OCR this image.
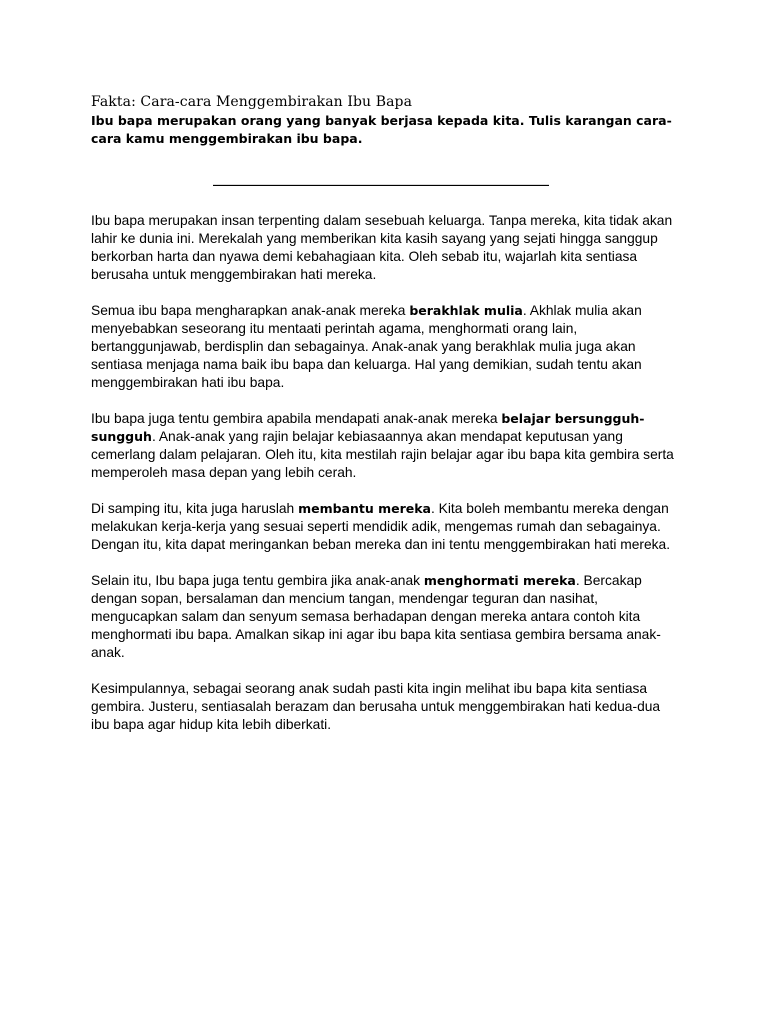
Fakta: Cara-cara Menggembirakan Ibu Bapa

Ibu bapa merupakan orang yang banyak berjasa kepada kita. Tulis karangan cara-cara kamu menggembirakan ibu bapa.

________________________________________________________

Ibu bapa merupakan insan terpenting dalam sesebuah keluarga. Tanpa mereka, kita tidak akan lahir ke dunia ini. Merekalah yang memberikan kita kasih sayang yang sejati hingga sanggup berkorban harta dan nyawa demi kebahagiaan kita. Oleh sebab itu, wajarlah kita sentiasa berusaha untuk menggembirakan hati mereka.

Semua ibu bapa mengharapkan anak-anak mereka berakhlak mulia. Akhlak mulia akan menyebabkan seseorang itu mentaati perintah agama, menghormati orang lain, bertanggunjawab, berdisplin dan sebagainya. Anak-anak yang berakhlak mulia juga akan sentiasa menjaga nama baik ibu bapa dan keluarga. Hal yang demikian, sudah tentu akan menggembirakan hati ibu bapa.

Ibu bapa juga tentu gembira apabila mendapati anak-anak mereka belajar bersungguh-sungguh. Anak-anak yang rajin belajar kebiasaannya akan mendapat keputusan yang cemerlang dalam pelajaran. Oleh itu, kita mestilah rajin belajar agar ibu bapa kita gembira serta memperoleh masa depan yang lebih cerah.

Di samping itu, kita juga haruslah membantu mereka. Kita boleh membantu mereka dengan melakukan kerja-kerja yang sesuai seperti mendidik adik, mengemas rumah dan sebagainya. Dengan itu, kita dapat meringankan beban mereka dan ini tentu menggembirakan hati mereka.

Selain itu, Ibu bapa juga tentu gembira jika anak-anak menghormati mereka. Bercakap dengan sopan, bersalaman dan mencium tangan, mendengar teguran dan nasihat, mengucapkan salam dan senyum semasa berhadapan dengan mereka antara contoh kita menghormati ibu bapa. Amalkan sikap ini agar ibu bapa kita sentiasa gembira bersama anak-anak.

Kesimpulannya, sebagai seorang anak sudah pasti kita ingin melihat ibu bapa kita sentiasa gembira. Justeru, sentiasalah berazam dan berusaha untuk menggembirakan hati kedua-dua ibu bapa agar hidup kita lebih diberkati.
